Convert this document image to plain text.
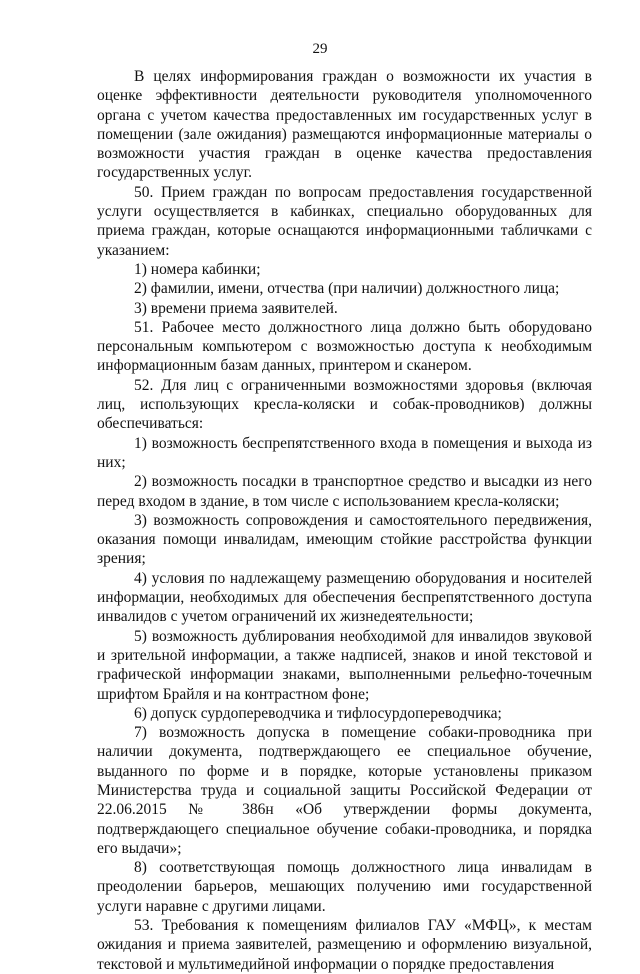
29

В целях информирования граждан о возможности их участия в оценке эффективности деятельности руководителя уполномоченного органа с учетом качества предоставленных им государственных услуг в помещении (зале ожидания) размещаются информационные материалы о возможности участия граждан в оценке качества предоставления государственных услуг.

50. Прием граждан по вопросам предоставления государственной услуги осуществляется в кабинках, специально оборудованных для приема граждан, которые оснащаются информационными табличками с указанием:

1) номера кабинки;

2) фамилии, имени, отчества (при наличии) должностного лица;

3) времени приема заявителей.

51. Рабочее место должностного лица должно быть оборудовано персональным компьютером с возможностью доступа к необходимым информационным базам данных, принтером и сканером.

52. Для лиц с ограниченными возможностями здоровья (включая лиц, использующих кресла-коляски и собак-проводников) должны обеспечиваться:

1) возможность беспрепятственного входа в помещения и выхода из них;

2) возможность посадки в транспортное средство и высадки из него перед входом в здание, в том числе с использованием кресла-коляски;

3) возможность сопровождения и самостоятельного передвижения, оказания помощи инвалидам, имеющим стойкие расстройства функции зрения;

4) условия по надлежащему размещению оборудования и носителей информации, необходимых для обеспечения беспрепятственного доступа инвалидов с учетом ограничений их жизнедеятельности;

5) возможность дублирования необходимой для инвалидов звуковой и зрительной информации, а также надписей, знаков и иной текстовой и графической информации знаками, выполненными рельефно-точечным шрифтом Брайля и на контрастном фоне;

6) допуск сурдопереводчика и тифлосурдопереводчика;

7) возможность допуска в помещение собаки-проводника при наличии документа, подтверждающего ее специальное обучение, выданного по форме и в порядке, которые установлены приказом Министерства труда и социальной защиты Российской Федерации от 22.06.2015 № 386н «Об утверждении формы документа, подтверждающего специальное обучение собаки-проводника, и порядка его выдачи»;

8) соответствующая помощь должностного лица инвалидам в преодолении барьеров, мешающих получению ими государственной услуги наравне с другими лицами.

53. Требования к помещениям филиалов ГАУ «МФЦ», к местам ожидания и приема заявителей, размещению и оформлению визуальной, текстовой и мультимедийной информации о порядке предоставления
